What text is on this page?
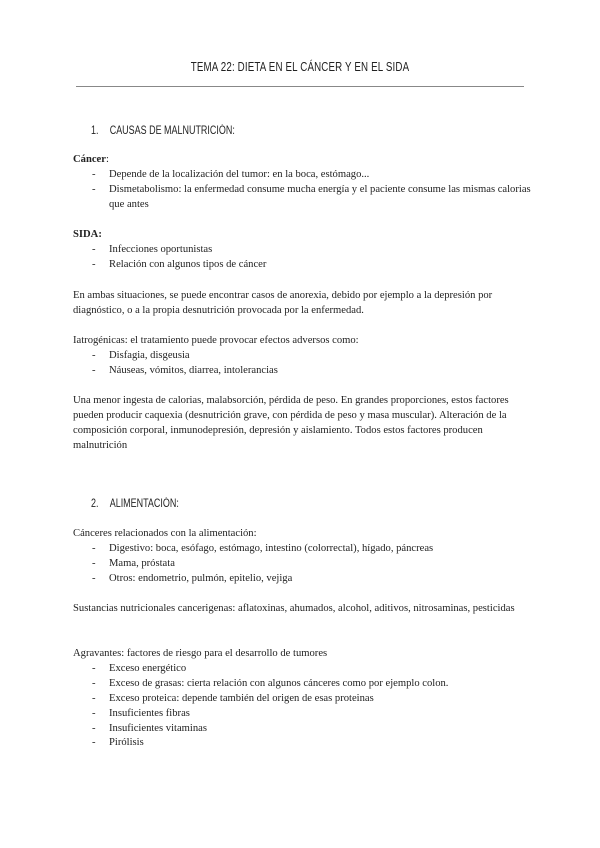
TEMA 22: DIETA EN EL CÁNCER Y EN EL SIDA
1. CAUSAS DE MALNUTRICIÓN:

Cáncer:

- Depende de la localización del tumor: en la boca, estómago...
- Dismetabolismo: la enfermedad consume mucha energía y el paciente consume las mismas calorias que antes

SIDA:

- Infecciones oportunistas
- Relación con algunos tipos de cáncer

En ambas situaciones, se puede encontrar casos de anorexia, debido por ejemplo a la depresión por diagnóstico, o a la propia desnutrición provocada por la enfermedad.

Iatrogénicas: el tratamiento puede provocar efectos adversos como:

- Disfagia, disgeusia
- Náuseas, vómitos, diarrea, intolerancias

Una menor ingesta de calorias, malabsorción, pérdida de peso. En grandes proporciones, estos factores pueden producir caquexia (desnutrición grave, con pérdida de peso y masa muscular). Alteración de la composición corporal, inmunodepresión, depresión y aislamiento. Todos estos factores producen malnutrición

2. ALIMENTACIÓN:

Cánceres relacionados con la alimentación:

- Digestivo: boca, esófago, estómago, intestino (colorrectal), hígado, páncreas
- Mama, próstata
- Otros: endometrio, pulmón, epitelio, vejiga

Sustancias nutricionales cancerigenas: aflatoxinas, ahumados, alcohol, aditivos, nitrosaminas, pesticidas

Agravantes: factores de riesgo para el desarrollo de tumores

- Exceso energético
- Exceso de grasas: cierta relación con algunos cánceres como por ejemplo colon.
- Exceso proteica: depende también del origen de esas proteinas
- Insuficientes fibras
- Insuficientes vitaminas
- Pirólisis
